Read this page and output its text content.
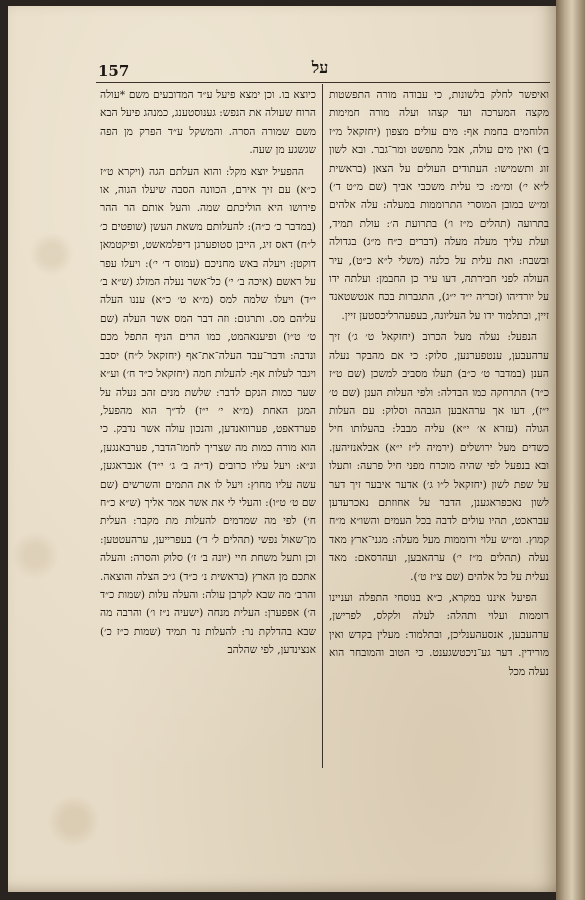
157	על

ואיפשר לחלק בלשונות, כי עבודה מורה התפשטות מקצה המערכה ועד קצהו ועלה מורה חמימות הלוחמים בחמת אף: מים עולים מצפון (יחזקאל מ״ז ב׳) ואין מים עולה, אבל מתפשט ומר־גבר. ובא לשון זוג ותשמישו: העתודים העולים על הצאן (בראשית ל״א י׳) ומ״מ: כי עלית משכבי אביך (שם מ״ט ד׳) ומ״ש במובן המוסרי התרוממות במעלה: עלה אלהים בתרועה (תהלים מ״ז ו׳) בתרועת ה׳: עולת תמיד, ועלת עליך מעלה מעלה (דברים כ״ח מ״ג) בגדולה ובשבח: ואת עלית על כלנה (משלי ל״א כ״ט), עיר העולה לפני חבירתה, דעו עיר כן החבמן: ועלתה ידו על יורדיהו (זכריה י״ד י״ג), התגברות בכח אנטשטאנד זיין, ובתלמוד ידו על העליונה, בעפעהרליכסטען זיין.

הנפעל: נעלה מעל הכרוב (יחזקאל ט׳ ג׳) זיך ערהעבען, ענטפערנען, סלוק: כי אם מהבקר נעלה הענן (במדבר ט׳ כ״ב) תעלו מסביב למשכן (שם ט״ז כ״ד) התרחקה כמו הבדלה: ולפי העלות הענן (שם ט׳ י״ז), דעו אך ערהאבען הגבהה וסלוק: עם העלות הגולה (עזרא א׳ י״א) עליה מבבל: בהעלותו חיל כשדים מעל ירושלים (ירמיה ל״ז י״א) אבלאנזיהען. ובא בנפעל לפי שהיה מוכרח מפני חיל פרעה: ותעלו על שפת לשון (יחזקאל ל״ו ג׳) אדער איבער זיך דער לשון נאכפראגענן, הדבר על אחוזתם נאכרעדען עבראכט, תהיו עולים לדבה בכל העמים והשו״א מ״ח קמוץ. ומ״ש עלוי ורוממות מעל מעלה: מגני־ארץ מאד נעלה (תהלים מ״ז י׳) ערהאבען, ועהרסאם: מאד נעלית על כל אלהים (שם צ״ז ט׳).

הפיעל איננו במקרא, כ״א בנוסחי התפלה ועניינו רוממות ועלוי ותהלה: לעלה ולקלס, לפרישן, ערהעבען, אנסעהענליכן, ובתלמוד: מעלין בקדש ואין מורידין. דער גע־ניכטשגענט. כי הטוב והמובחר הוא נעלה מכל

כיוצא בו. וכן ימצא פיעל ע״ד המדובעים משם *עולה הרוח שעולה את הנפש: גענוסטענג, כמנהג פיעל הבא משם שמורה הסרה. והמשקל ע״ד הפרק מן הפה שגשגע מן שעה.

ההפעיל יוצא מקל: והוא העלתם הגה (ויקרא ט״ז כ״א) עם זיך אירם, הכוונה הסבה שיעלו הגוה, או פירושו היא הוליכתם שמה. והעל אותם הר ההר (במדבר כ׳ כ״ה): להעלותם משאת העשן (שופטים כ׳ ל״ח) דאס זיג, הייבן סטופערגן דיפלמאשט, ופיקטמאן דוקטן: ויעלה באש מחניכם (עמוס ד׳ י׳): ויעלו עפר על ראשם (איכה ב׳ י׳) כל־אשר נעלה המזלג (ש״א ב׳ י״ד) ויעלו שלמה למס (מ״א ט׳ כ״א) עננו העלה עליהם מס. ותרגום: וזה דבר המס אשר העלה (שם ט׳ ט״ו) ופיענאהמט, כמו הרים הניף התפל מכם ונדבה: ודבר־עבד העלה־את־אף (יחזקאל ל״ח) יסבב ויגבר לעלות אף: להעלות חמה (יחזקאל כ״ד ח׳) וע״א שער כמות הנקם לדבר: שלשת מנים זהב נעלה על המגן האחת (מ״א י׳ י״ז) לד״ך הוא מהפעל, פערדאפט, פערוואנדען, והנכון עולה אשר נדבק. כי הוא מורה כמות מה שצריך לחמו־הדבר, פערבאנגען, ונ״א: ויעל עליו כרובים (ד״ה ב׳ ג׳ י״ד) אנבראגען, עשה עליו מחוץ: ויעל לו את התמים והשרשים (שם שם ט׳ ט״ו): והעלי לי את אשר אמר אליך (ש״א כ״ח ח׳) לפי מה שמדמים להעלות מת מקבר: העלית מן־שאול נפשי (תהלים ל׳ ד׳) בעפרייען, ערהעטטען: וכן ותעל משחת חיי (יונה ב׳ ז׳) סלוק והסרה: והעלה אתכם מן הארץ (בראשית נ׳ כ״ד) ג״כ הצלה והוצאה. והרב׳ מה שבא לקרבן עולה: והעלה עלות (שמות כ״ד ה׳) אפפערן: העלית מנחה (ישעיה נ״ז ו׳) והרבה מה שבא בהדלקת נר: להעלות נר תמיד (שמות כ״ז כ׳) אנצינדען, לפי שהלהב
